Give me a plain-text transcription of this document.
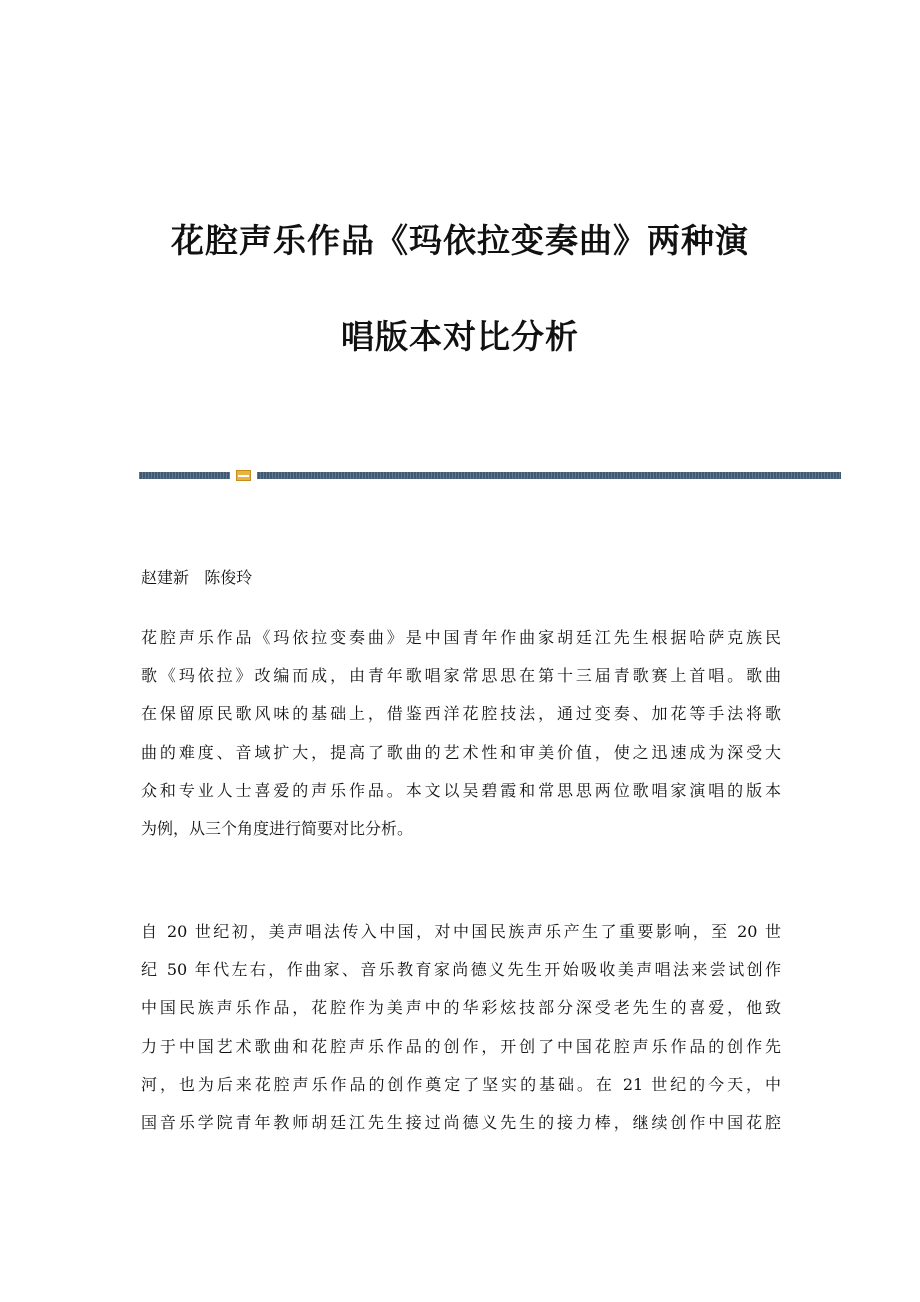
花腔声乐作品《玛依拉变奏曲》两种演
唱版本对比分析

赵建新   陈俊玲

花腔声乐作品《玛依拉变奏曲》是中国青年作曲家胡廷江先生根据哈萨克族民
歌《玛依拉》改编而成，由青年歌唱家常思思在第十三届青歌赛上首唱。歌曲
在保留原民歌风味的基础上，借鉴西洋花腔技法，通过变奏、加花等手法将歌
曲的难度、音域扩大，提高了歌曲的艺术性和审美价值，使之迅速成为深受大
众和专业人士喜爱的声乐作品。本文以吴碧霞和常思思两位歌唱家演唱的版本
为例，从三个角度进行简要对比分析。
自 20 世纪初，美声唱法传入中国，对中国民族声乐产生了重要影响，至 20 世
纪 50 年代左右，作曲家、音乐教育家尚德义先生开始吸收美声唱法来尝试创作
中国民族声乐作品，花腔作为美声中的华彩炫技部分深受老先生的喜爱，他致
力于中国艺术歌曲和花腔声乐作品的创作，开创了中国花腔声乐作品的创作先
河，也为后来花腔声乐作品的创作奠定了坚实的基础。在 21 世纪的今天，中
国音乐学院青年教师胡廷江先生接过尚德义先生的接力棒，继续创作中国花腔
